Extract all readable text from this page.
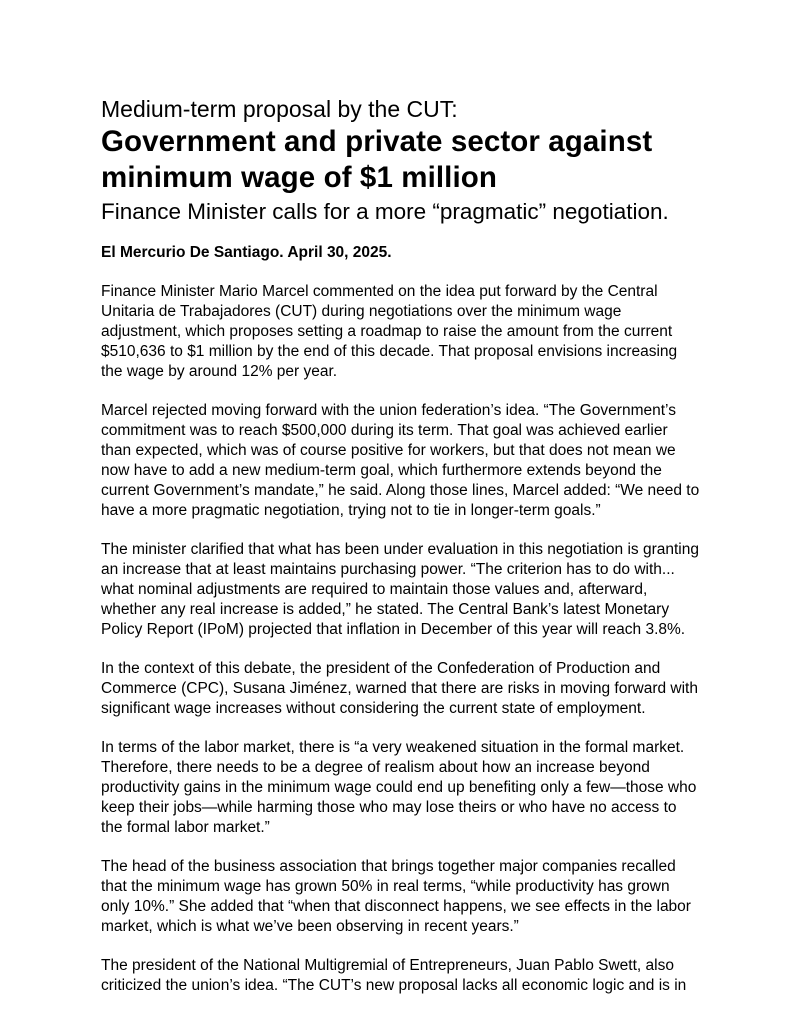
Medium-term proposal by the CUT:

Government and private sector against minimum wage of $1 million

Finance Minister calls for a more “pragmatic” negotiation.

El Mercurio De Santiago. April 30, 2025.

Finance Minister Mario Marcel commented on the idea put forward by the Central Unitaria de Trabajadores (CUT) during negotiations over the minimum wage adjustment, which proposes setting a roadmap to raise the amount from the current $510,636 to $1 million by the end of this decade. That proposal envisions increasing the wage by around 12% per year.

Marcel rejected moving forward with the union federation’s idea. “The Government’s commitment was to reach $500,000 during its term. That goal was achieved earlier than expected, which was of course positive for workers, but that does not mean we now have to add a new medium-term goal, which furthermore extends beyond the current Government’s mandate,” he said. Along those lines, Marcel added: “We need to have a more pragmatic negotiation, trying not to tie in longer-term goals.”

The minister clarified that what has been under evaluation in this negotiation is granting an increase that at least maintains purchasing power. “The criterion has to do with... what nominal adjustments are required to maintain those values and, afterward, whether any real increase is added,” he stated. The Central Bank’s latest Monetary Policy Report (IPoM) projected that inflation in December of this year will reach 3.8%.

In the context of this debate, the president of the Confederation of Production and Commerce (CPC), Susana Jiménez, warned that there are risks in moving forward with significant wage increases without considering the current state of employment.

In terms of the labor market, there is “a very weakened situation in the formal market. Therefore, there needs to be a degree of realism about how an increase beyond productivity gains in the minimum wage could end up benefiting only a few—those who keep their jobs—while harming those who may lose theirs or who have no access to the formal labor market.”

The head of the business association that brings together major companies recalled that the minimum wage has grown 50% in real terms, “while productivity has grown only 10%.” She added that “when that disconnect happens, we see effects in the labor market, which is what we’ve been observing in recent years.”

The president of the National Multigremial of Entrepreneurs, Juan Pablo Swett, also criticized the union’s idea. “The CUT’s new proposal lacks all economic logic and is in
